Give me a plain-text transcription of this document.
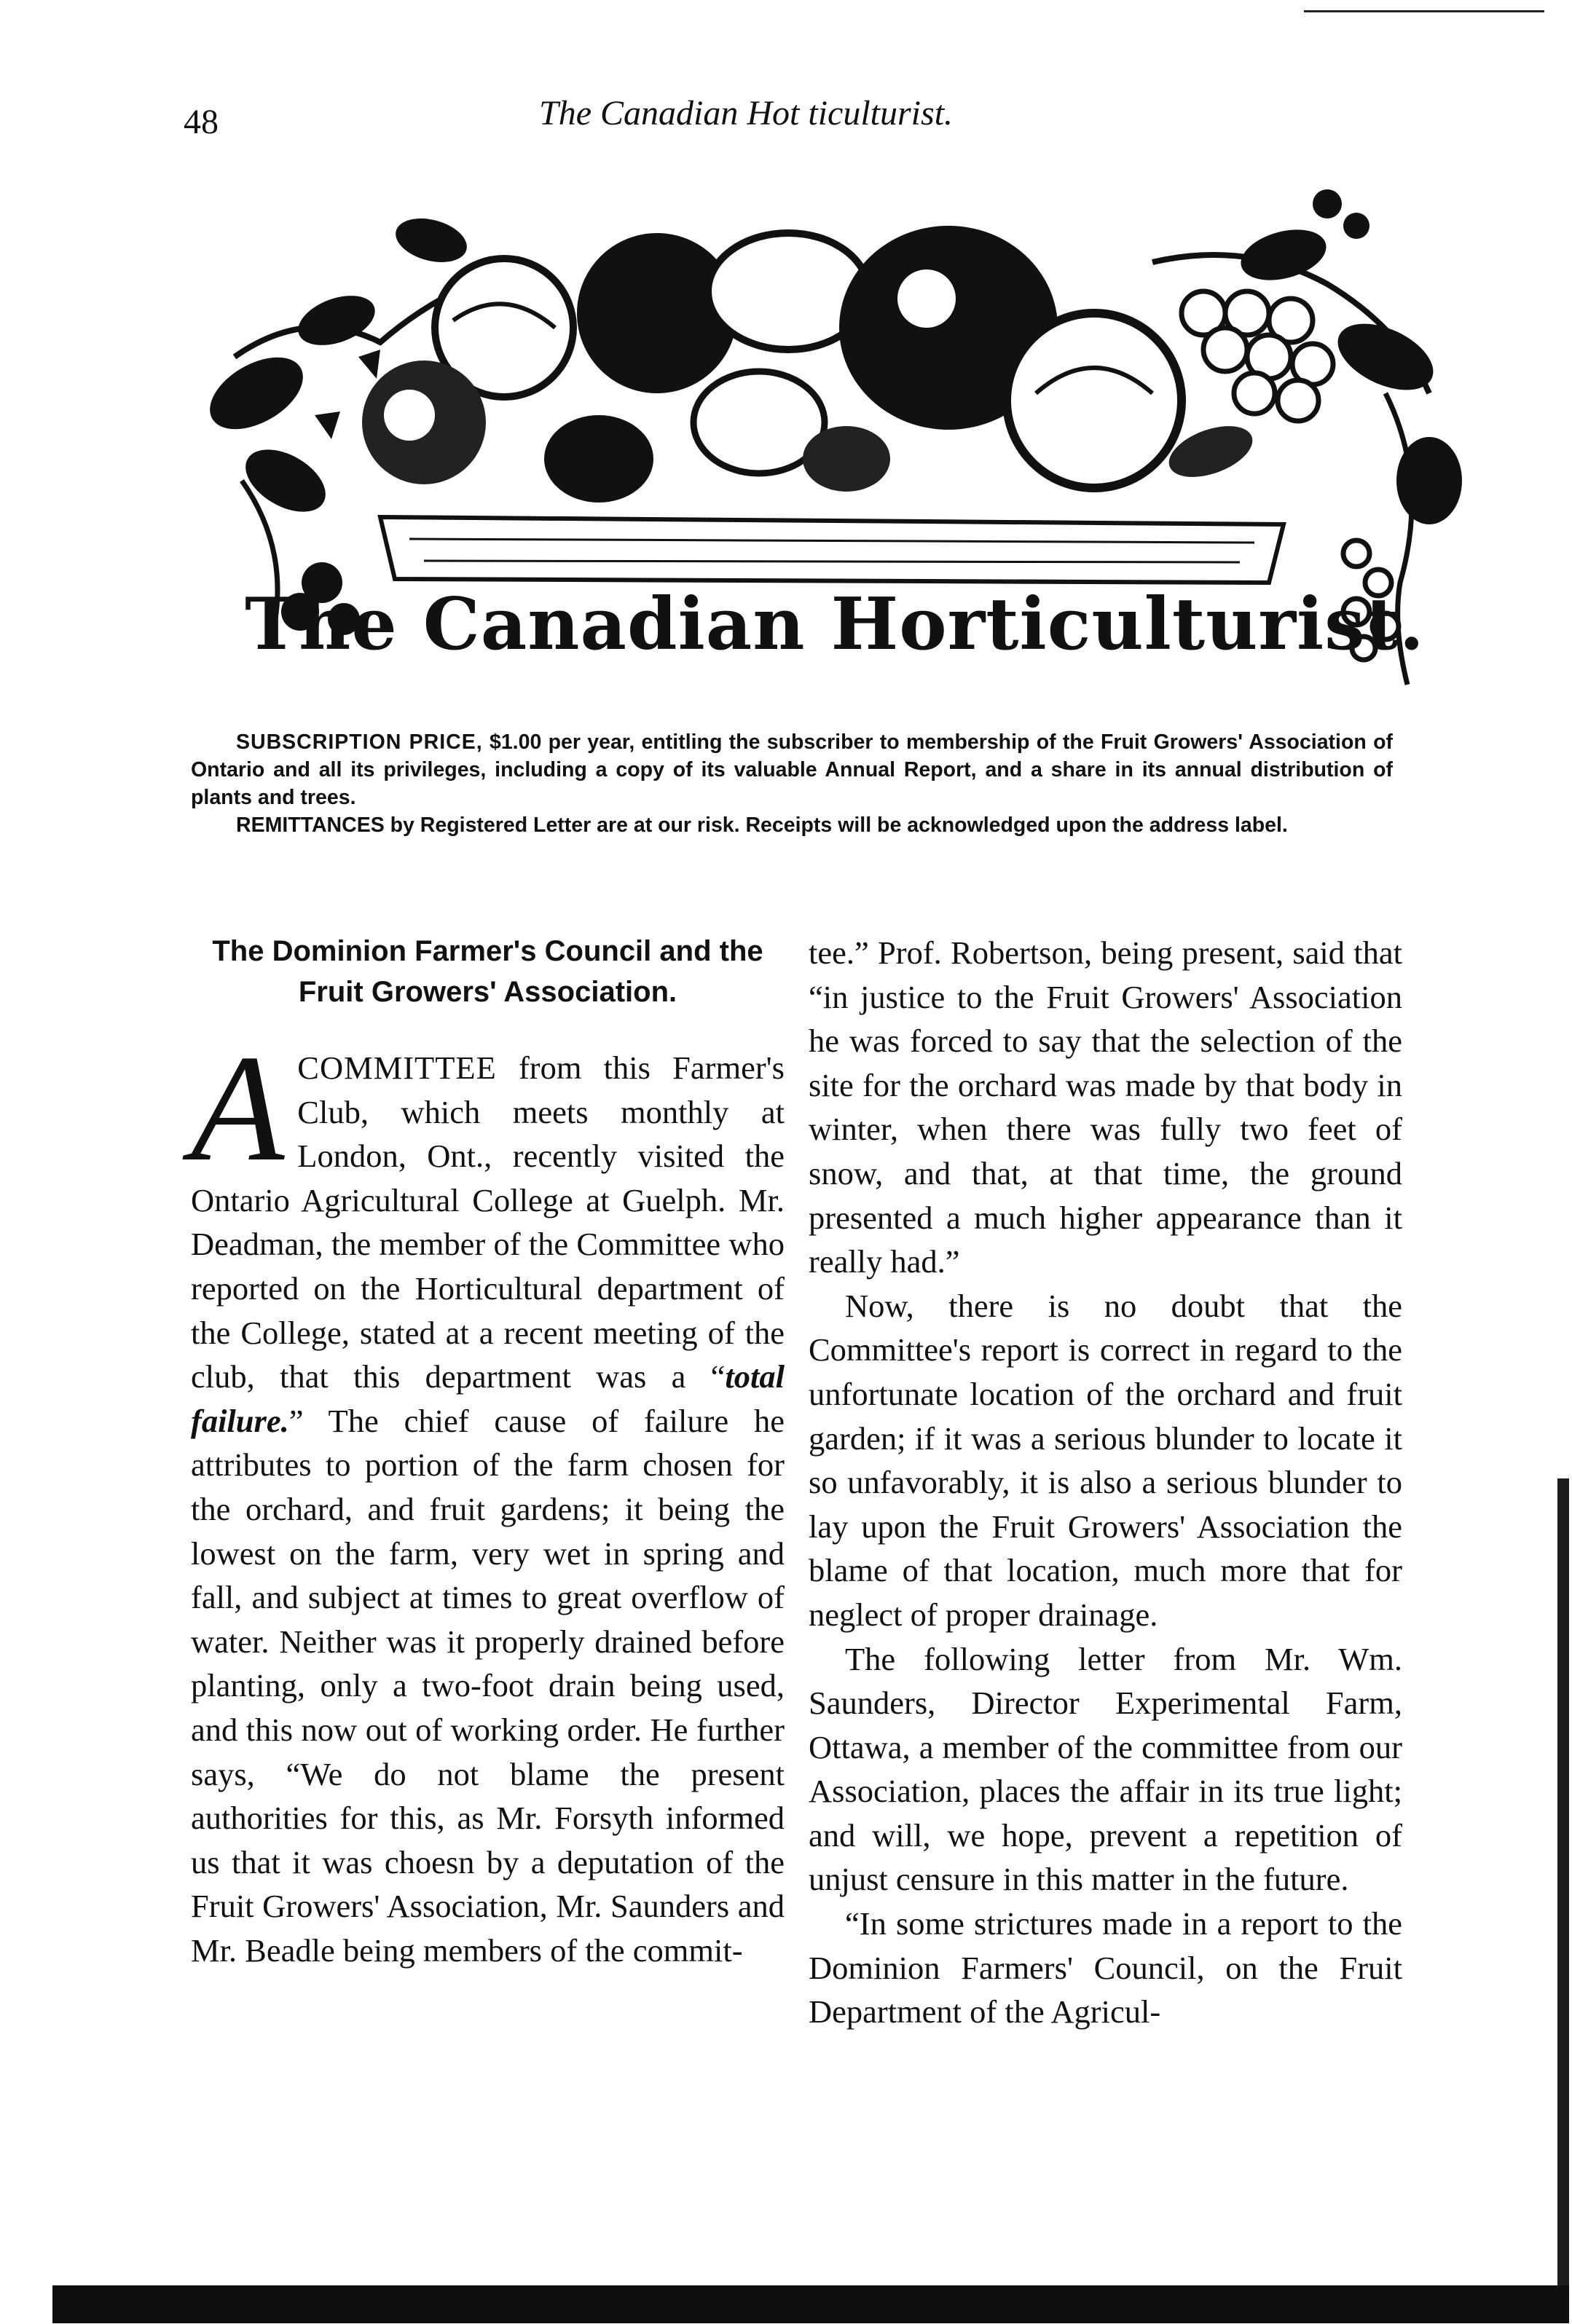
48	The Canadian Hot ticulturist.
The Canadian Horticulturist.

SUBSCRIPTION PRICE, $1.00 per year, entitling the subscriber to membership of the Fruit Growers' Association of Ontario and all its privileges, including a copy of its valuable Annual Report, and a share in its annual distribution of plants and trees.

REMITTANCES by Registered Letter are at our risk. Receipts will be acknowledged upon the address label.

The Dominion Farmer's Council and the Fruit Growers' Association.

ACOMMITTEE from this Farmer's Club, which meets monthly at London, Ont., recently visited the Ontario Agricultural College at Guelph. Mr. Deadman, the member of the Committee who reported on the Horticultural department of the College, stated at a recent meeting of the club, that this department was a “total failure.” The chief cause of failure he attributes to portion of the farm chosen for the orchard, and fruit gardens; it being the lowest on the farm, very wet in spring and fall, and subject at times to great overflow of water. Neither was it properly drained before planting, only a two-foot drain being used, and this now out of working order. He further says, “We do not blame the present authorities for this, as Mr. Forsyth informed us that it was choesn by a deputation of the Fruit Growers' Association, Mr. Saunders and Mr. Beadle being members of the commit-

tee.” Prof. Robertson, being present, said that “in justice to the Fruit Growers' Association he was forced to say that the selection of the site for the orchard was made by that body in winter, when there was fully two feet of snow, and that, at that time, the ground presented a much higher appearance than it really had.”

Now, there is no doubt that the Committee's report is correct in regard to the unfortunate location of the orchard and fruit garden; if it was a serious blunder to locate it so unfavorably, it is also a serious blunder to lay upon the Fruit Growers' Association the blame of that location, much more that for neglect of proper drainage.

The following letter from Mr. Wm. Saunders, Director Experimental Farm, Ottawa, a member of the committee from our Association, places the affair in its true light; and will, we hope, prevent a repetition of unjust censure in this matter in the future.

“In some strictures made in a report to the Dominion Farmers' Council, on the Fruit Department of the Agricul-
